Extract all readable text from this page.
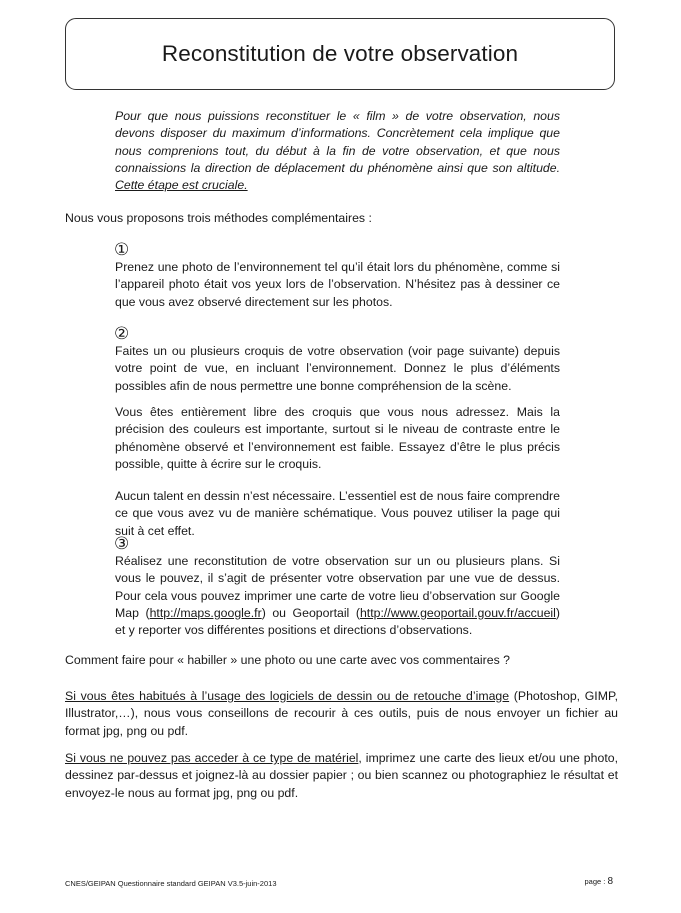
Reconstitution de votre observation

Pour que nous puissions reconstituer le « film » de votre observation, nous devons disposer du maximum d’informations. Concrètement cela implique que nous comprenions tout, du début à la fin de votre observation, et que nous connaissions la direction de déplacement du phénomène ainsi que son altitude. Cette étape est cruciale.

Nous vous proposons trois méthodes complémentaires :

①

Prenez une photo de l’environnement tel qu’il était lors du phénomène, comme si l’appareil photo était vos yeux lors de l’observation. N’hésitez pas à dessiner ce que vous avez observé directement sur les photos.

②

Faites un ou plusieurs croquis de votre observation (voir page suivante) depuis votre point de vue, en incluant l’environnement. Donnez le plus d’éléments possibles afin de nous permettre une bonne compréhension de la scène.

Vous êtes entièrement libre des croquis que vous nous adressez. Mais la précision des couleurs est importante, surtout si le niveau de contraste entre le phénomène observé et l’environnement est faible. Essayez d’être le plus précis possible, quitte à écrire sur le croquis.

Aucun talent en dessin n’est nécessaire. L’essentiel est de nous faire comprendre ce que vous avez vu de manière schématique. Vous pouvez utiliser la page qui suit à cet effet.

③

Réalisez une reconstitution de votre observation sur un ou plusieurs plans. Si vous le pouvez, il s’agit de présenter votre observation par une vue de dessus. Pour cela vous pouvez imprimer une carte de votre lieu d’observation sur Google Map (http://maps.google.fr) ou Geoportail (http://www.geoportail.gouv.fr/accueil) et y reporter vos différentes positions et directions d’observations.

Comment faire pour « habiller » une photo ou une carte avec vos commentaires ?

Si vous êtes habitués à l’usage des logiciels de dessin ou de retouche d’image (Photoshop, GIMP, Illustrator,…), nous vous conseillons de recourir à ces outils, puis de nous envoyer un fichier au format jpg, png ou pdf.

Si vous ne pouvez pas acceder à ce type de matériel, imprimez une carte des lieux et/ou une photo, dessinez par-dessus et joignez-là au dossier papier ; ou bien scannez ou photographiez le résultat et envoyez-le nous au format jpg, png ou pdf.

CNES/GEIPAN Questionnaire standard GEIPAN V3.5-juin-2013	page : 8
